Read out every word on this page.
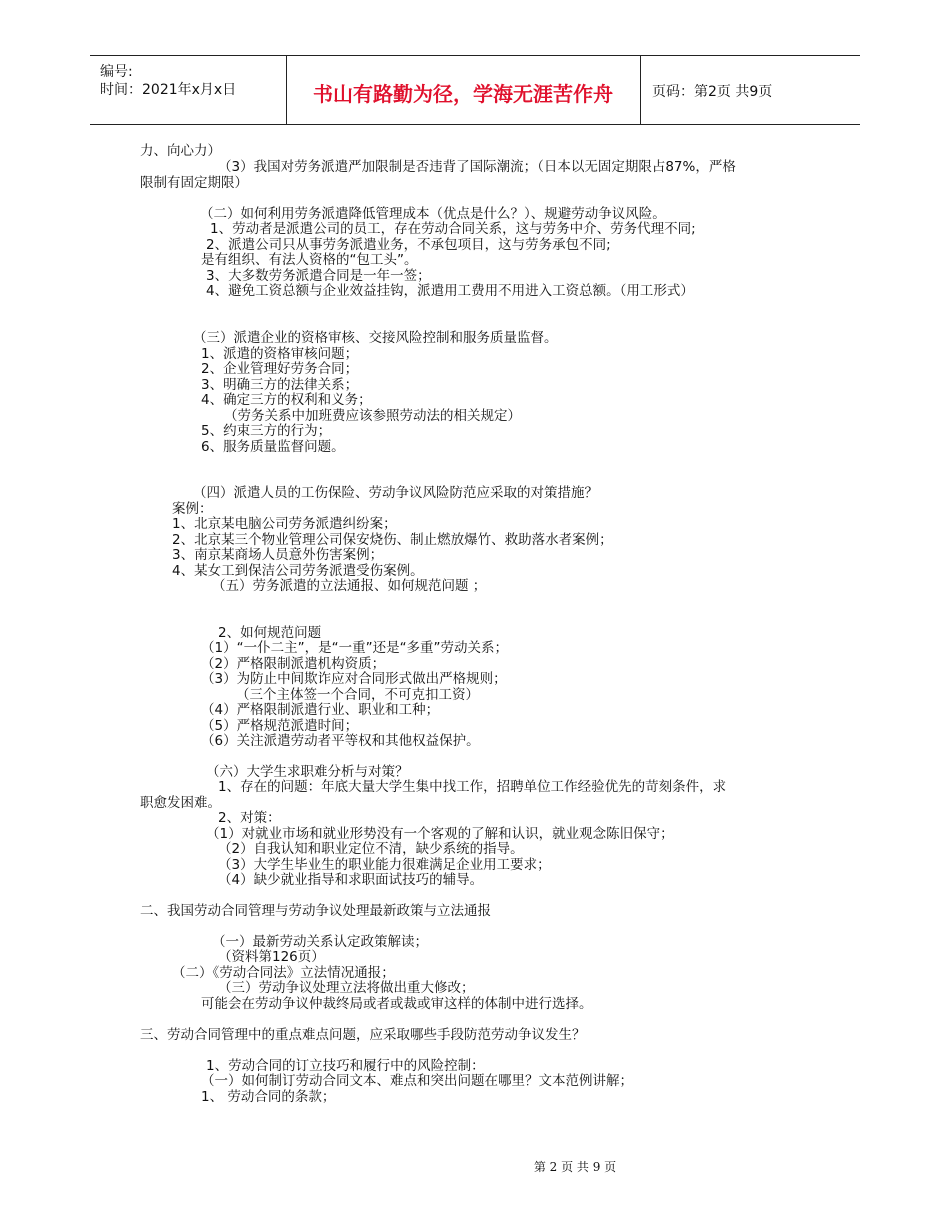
编号:
时间：2021年x月x日	书山有路勤为径，学海无涯苦作舟	页码：第2页 共9页
力、向心力）
（3）我国对劳务派遣严加限制是否违背了国际潮流；（日本以无固定期限占87%，严格
限制有固定期限）
（二）如何利用劳务派遣降低管理成本（优点是什么？）、规避劳动争议风险。
1、劳动者是派遣公司的员工，存在劳动合同关系，这与劳务中介、劳务代理不同;
2、派遣公司只从事劳务派遣业务，不承包项目，这与劳务承包不同;
是有组织、有法人资格的“包工头”。
3、大多数劳务派遣合同是一年一签；
4、避免工资总额与企业效益挂钩，派遣用工费用不用进入工资总额。（用工形式）
（三）派遣企业的资格审核、交接风险控制和服务质量监督。
1、派遣的资格审核问题；
2、企业管理好劳务合同；
3、明确三方的法律关系；
4、确定三方的权利和义务；
（劳务关系中加班费应该参照劳动法的相关规定）
5、约束三方的行为；
6、服务质量监督问题。
（四）派遣人员的工伤保险、劳动争议风险防范应采取的对策措施？
案例：
1、北京某电脑公司劳务派遣纠纷案；
2、北京某三个物业管理公司保安烧伤、制止燃放爆竹、救助落水者案例；
3、南京某商场人员意外伤害案例；
4、某女工到保洁公司劳务派遣受伤案例。
（五）劳务派遣的立法通报、如何规范问题 ；
2、如何规范问题
（1）“一仆二主”，是“一重”还是“多重”劳动关系；
（2）严格限制派遣机构资质；
（3）为防止中间欺诈应对合同形式做出严格规则；
（三个主体签一个合同，不可克扣工资）
（4）严格限制派遣行业、职业和工种；
（5）严格规范派遣时间；
（6）关注派遣劳动者平等权和其他权益保护。
（六）大学生求职难分析与对策？
1、存在的问题：年底大量大学生集中找工作，招聘单位工作经验优先的苛刻条件，求
职愈发困难。
2、对策：
（1）对就业市场和就业形势没有一个客观的了解和认识，就业观念陈旧保守；
（2）自我认知和职业定位不清，缺少系统的指导。
（3）大学生毕业生的职业能力很难满足企业用工要求；
（4）缺少就业指导和求职面试技巧的辅导。
二、我国劳动合同管理与劳动争议处理最新政策与立法通报
（一）最新劳动关系认定政策解读；
（资料第126页）
（二）《劳动合同法》立法情况通报；
（三）劳动争议处理立法将做出重大修改；
可能会在劳动争议仲裁终局或者或裁或审这样的体制中进行选择。
三、劳动合同管理中的重点难点问题，应采取哪些手段防范劳动争议发生？
1、劳动合同的订立技巧和履行中的风险控制：
（一）如何制订劳动合同文本、难点和突出问题在哪里？文本范例讲解；
1、 劳动合同的条款；
第 2 页 共 9 页
